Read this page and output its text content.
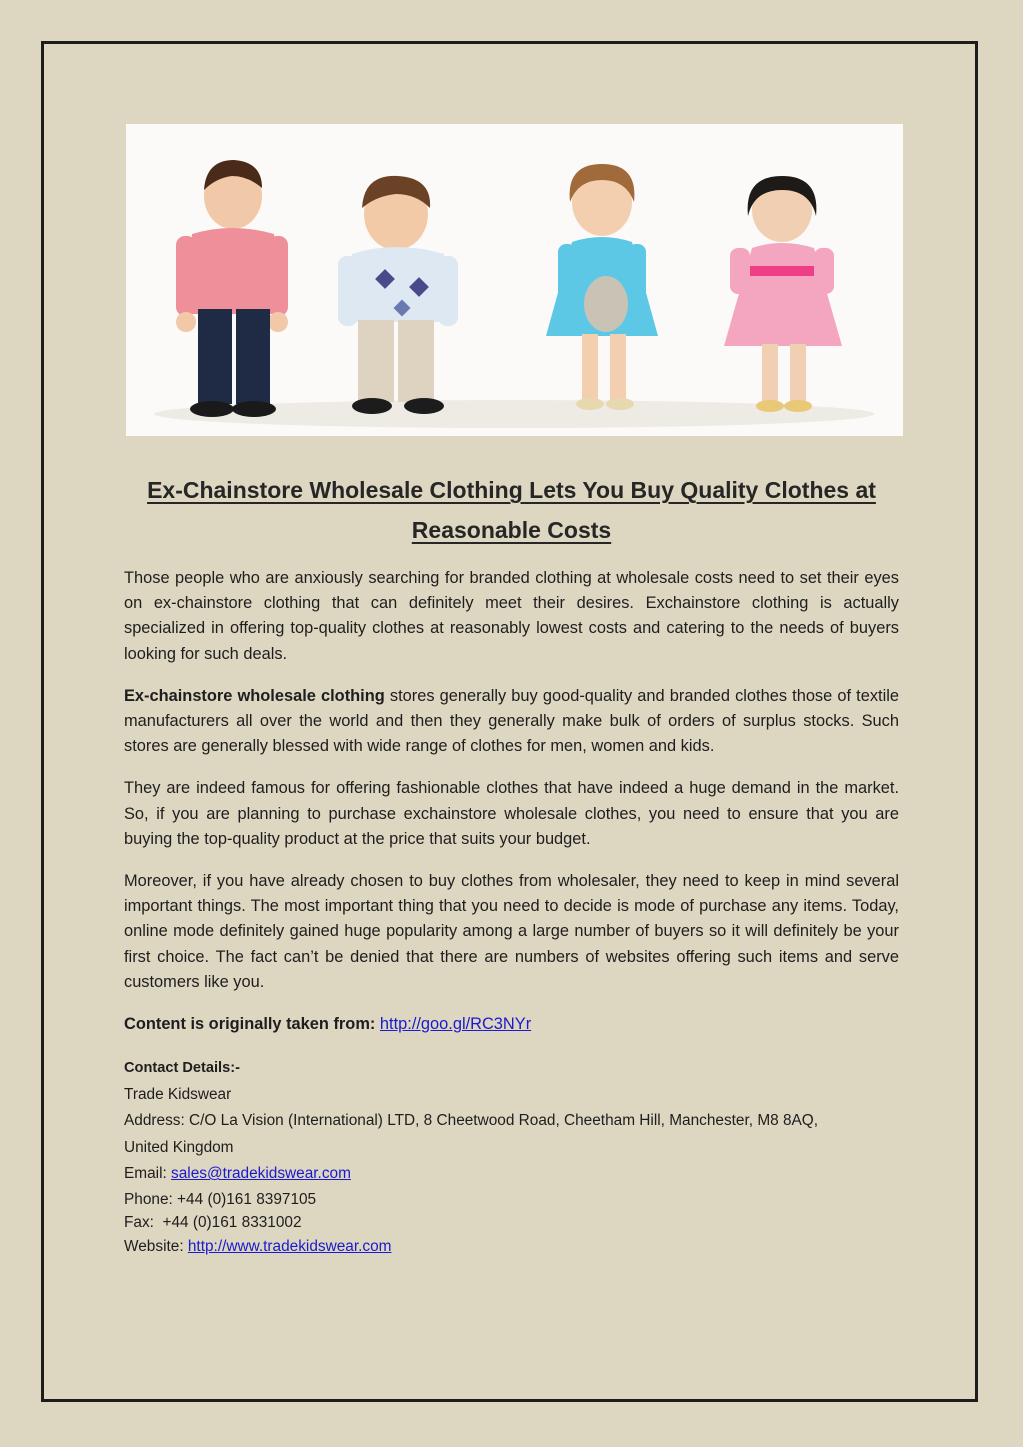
Ex-Chainstore Wholesale Clothing Lets You Buy Quality Clothes at Reasonable Costs

Those people who are anxiously searching for branded clothing at wholesale costs need to set their eyes on ex-chainstore clothing that can definitely meet their desires. Exchainstore clothing is actually specialized in offering top-quality clothes at reasonably lowest costs and catering to the needs of buyers looking for such deals.

Ex-chainstore wholesale clothing stores generally buy good-quality and branded clothes those of textile manufacturers all over the world and then they generally make bulk of orders of surplus stocks. Such stores are generally blessed with wide range of clothes for men, women and kids.

They are indeed famous for offering fashionable clothes that have indeed a huge demand in the market. So, if you are planning to purchase exchainstore wholesale clothes, you need to ensure that you are buying the top-quality product at the price that suits your budget.

Moreover, if you have already chosen to buy clothes from wholesaler, they need to keep in mind several important things. The most important thing that you need to decide is mode of purchase any items. Today, online mode definitely gained huge popularity among a large number of buyers so it will definitely be your first choice. The fact can’t be denied that there are numbers of websites offering such items and serve customers like you.

Content is originally taken from: http://goo.gl/RC3NYr
Contact Details:-
Trade Kidswear
Address: C/O La Vision (International) LTD, 8 Cheetwood Road, Cheetham Hill, Manchester, M8 8AQ,
United Kingdom
Email: sales@tradekidswear.com
Phone: +44 (0)161 8397105
Fax:  +44 (0)161 8331002
Website: http://www.tradekidswear.com
